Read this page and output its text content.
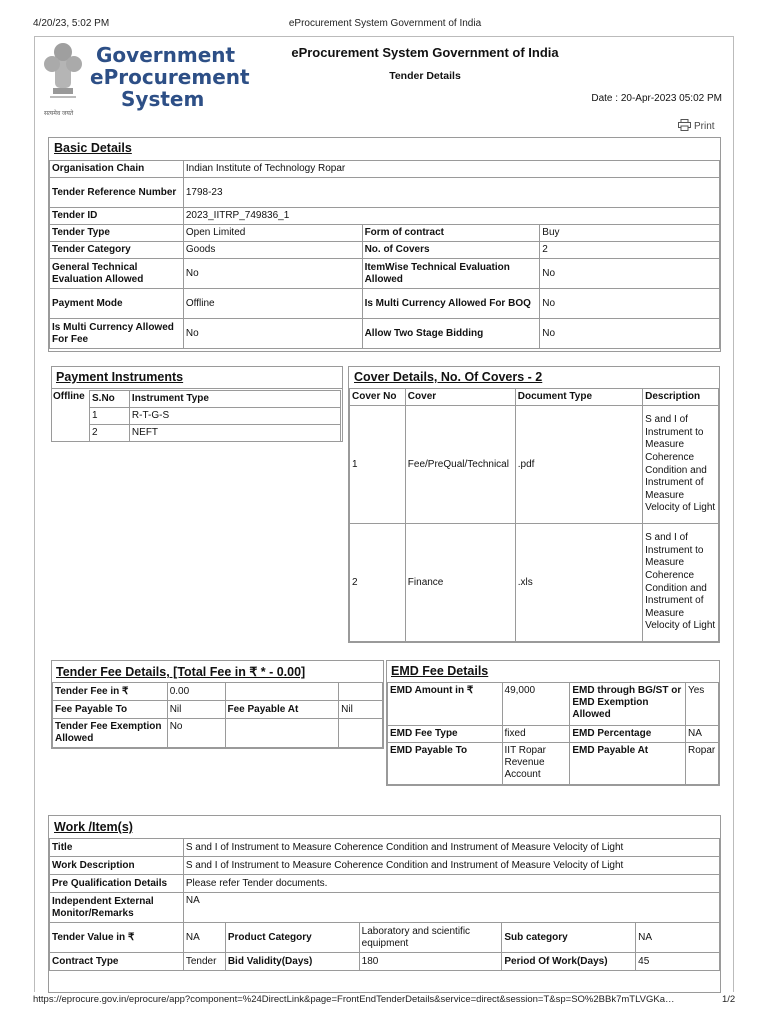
4/20/23, 5:02 PM	eProcurement System Government of India
सत्यमेव जयते
Government
eProcurement
System
eProcurement System Government of India
Tender Details
Date : 20-Apr-2023 05:02 PM
Print
Basic Details
Organisation Chain	Indian Institute of Technology Ropar		
Tender Reference Number	1798-23		
Tender ID	2023_IITRP_749836_1		
Tender Type	Open Limited	Form of contract	Buy
Tender Category	Goods	No. of Covers	2
General Technical Evaluation Allowed	No	ItemWise Technical Evaluation Allowed	No
Payment Mode	Offline	Is Multi Currency Allowed For BOQ	No
Is Multi Currency Allowed For Fee	No	Allow Two Stage Bidding	No
Payment Instruments
Offline S.No	Instrument Type
1	R-T-G-S
2	NEFT
Cover Details, No. Of Covers - 2
Cover No	Cover	Document Type	Description
1	Fee/PreQual/Technical	.pdf	S and I of Instrument to Measure Coherence Condition and Instrument of Measure Velocity of Light
2	Finance	.xls	S and I of Instrument to Measure Coherence Condition and Instrument of Measure Velocity of Light
Tender Fee Details, [Total Fee in ₹ * - 0.00]
Tender Fee in ₹	0.00		
Fee Payable To	Nil	Fee Payable At	Nil
Tender Fee Exemption Allowed	No		
EMD Fee Details
EMD Amount in ₹	49,000	EMD through BG/ST or EMD Exemption Allowed	Yes
EMD Fee Type	fixed	EMD Percentage	NA
EMD Payable To	IIT Ropar Revenue Account	EMD Payable At	Ropar
Work /Item(s)
Title	S and I of Instrument to Measure Coherence Condition and Instrument of Measure Velocity of Light				
Work Description	S and I of Instrument to Measure Coherence Condition and Instrument of Measure Velocity of Light				
Pre Qualification Details	Please refer Tender documents.				
Independent External Monitor/Remarks	NA				
Tender Value in ₹	NA	Product Category	Laboratory and scientific equipment	Sub category	NA
Contract Type	Tender	Bid Validity(Days)	180	Period Of Work(Days)	45
https://eprocure.gov.in/eprocure/app?component=%24DirectLink&page=FrontEndTenderDetails&service=direct&session=T&sp=SO%2BBk7mTLVGKa…	1/2
